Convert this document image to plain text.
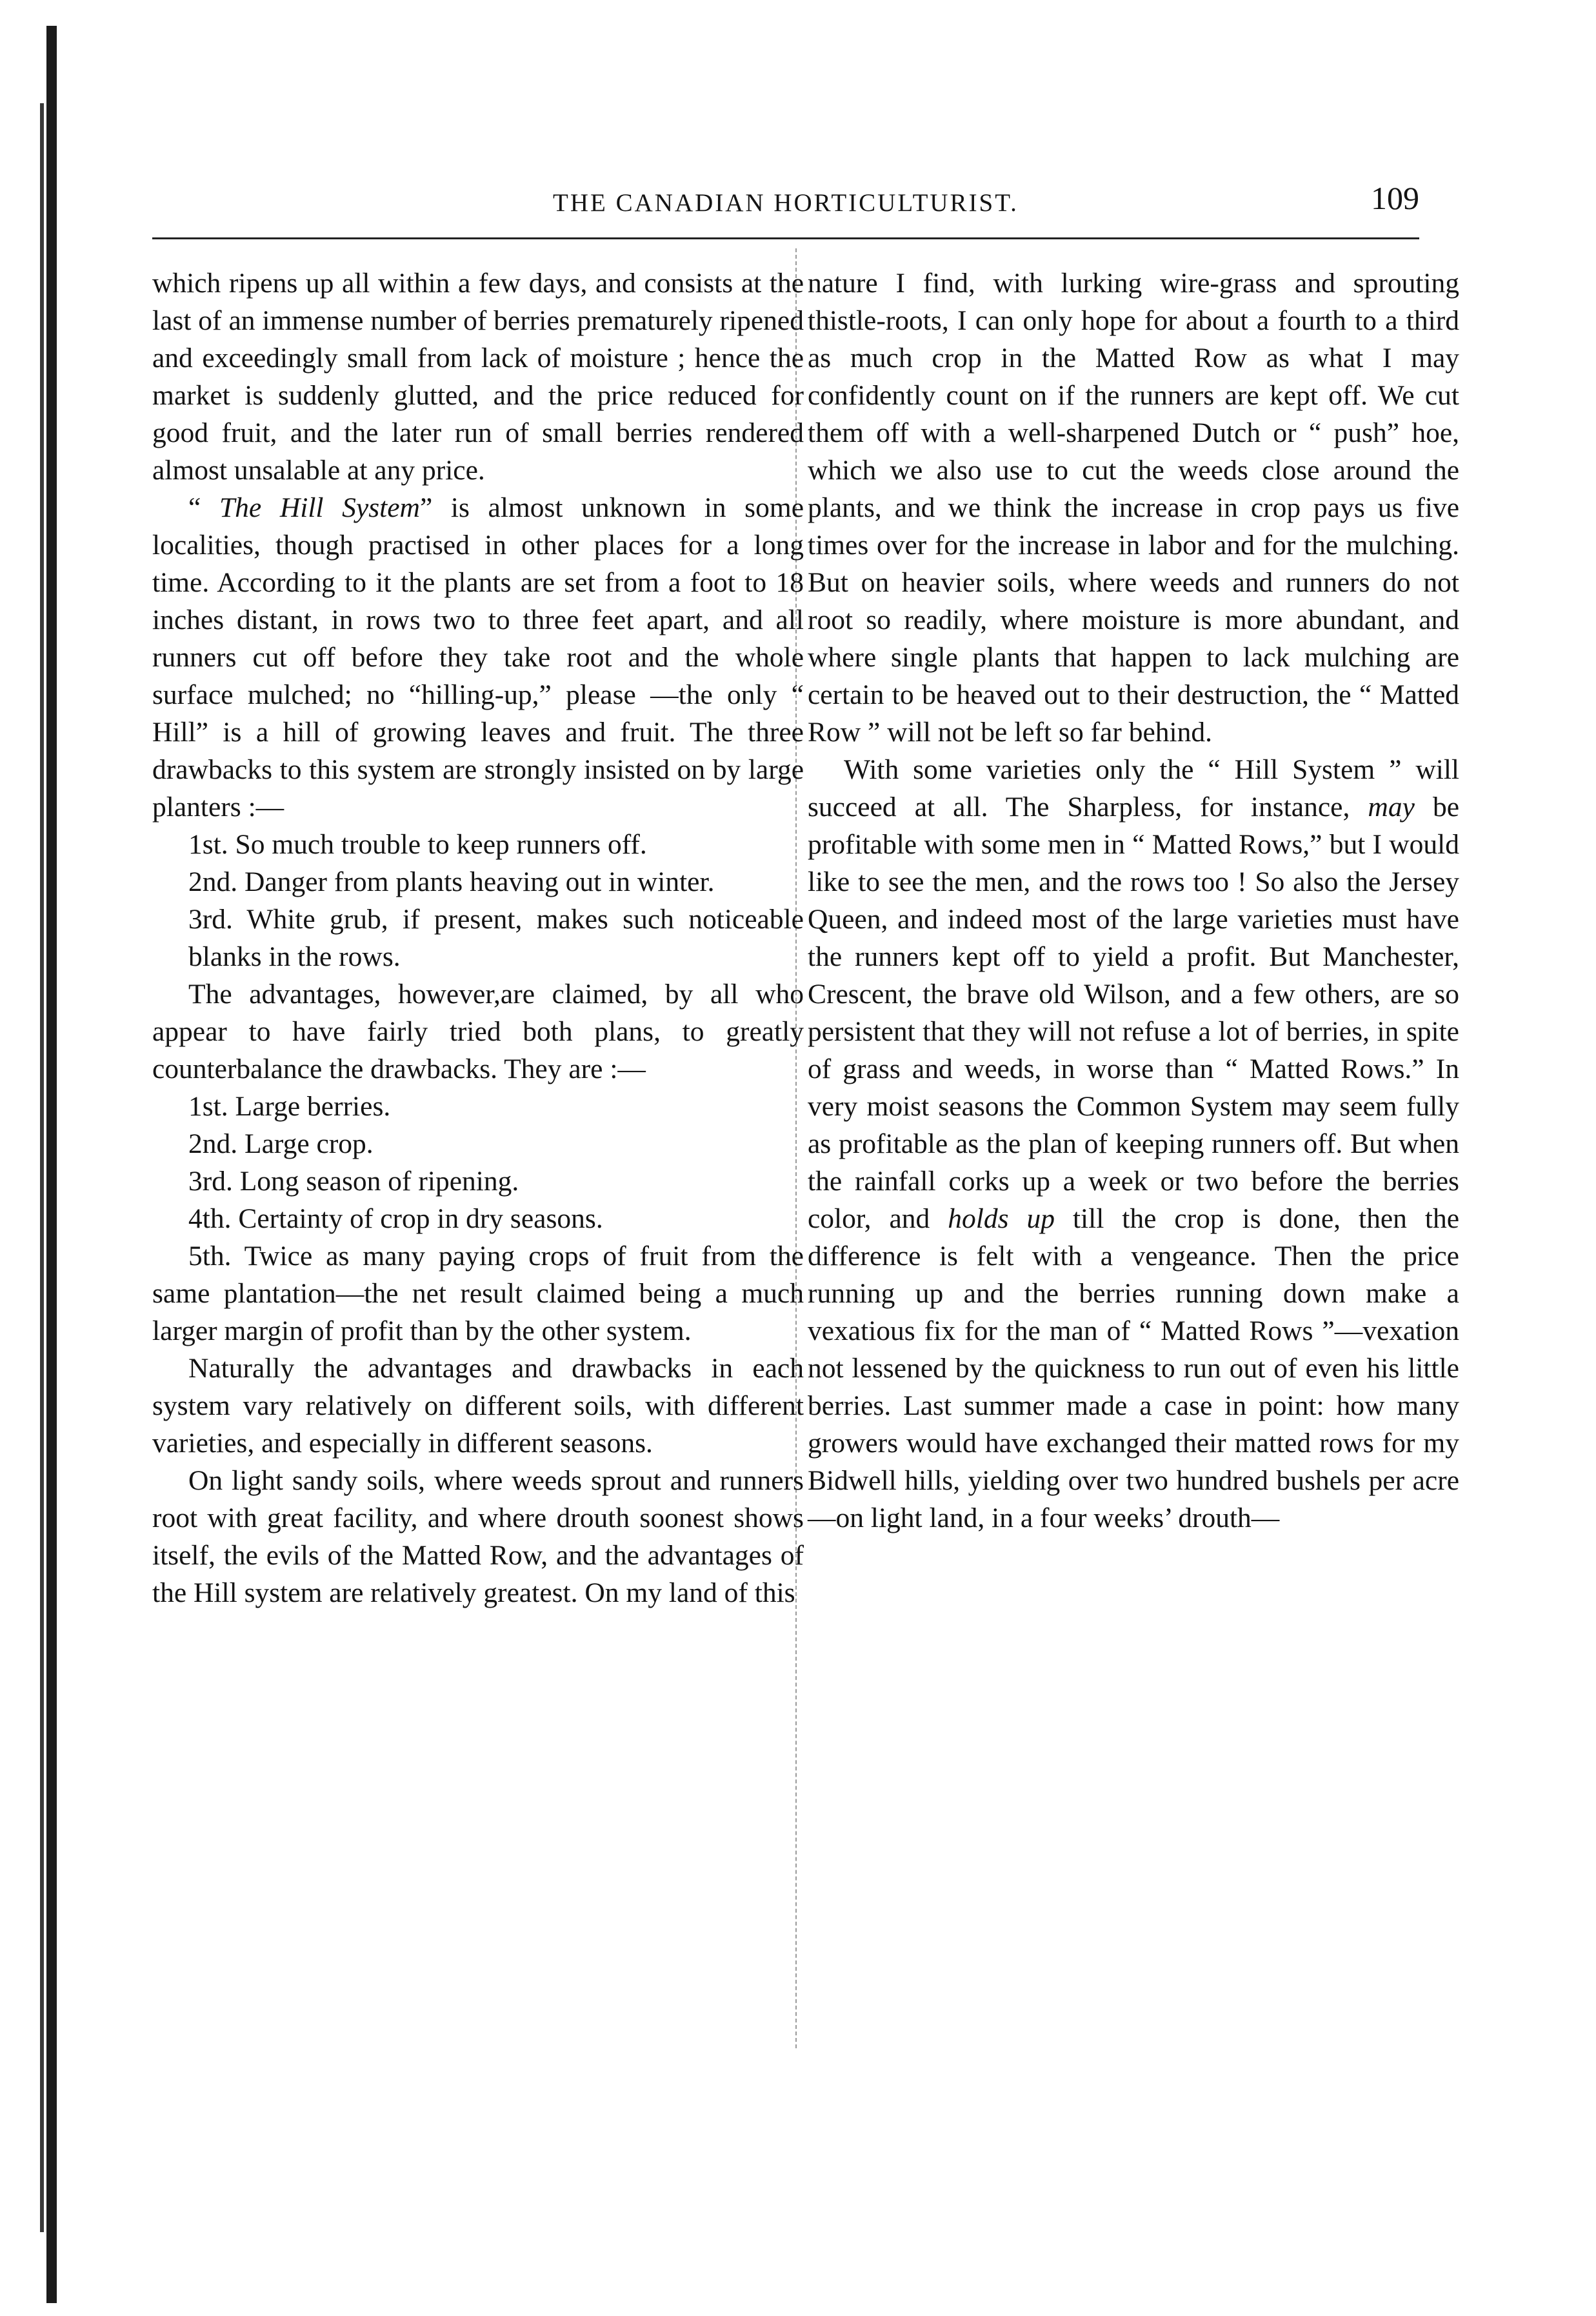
THE CANADIAN HORTICULTURIST.	109

which ripens up all within a few days, and consists at the last of an immense number of berries prematurely ripened and exceedingly small from lack of moisture ; hence the market is suddenly glutted, and the price reduced for good fruit, and the later run of small berries rendered almost unsalable at any price.

“ The Hill System” is almost unknown in some localities, though practised in other places for a long time. According to it the plants are set from a foot to 18 inches distant, in rows two to three feet apart, and all runners cut off before they take root and the whole surface mulched; no “hilling-up,” please —the only “ Hill” is a hill of growing leaves and fruit. The three drawbacks to this system are strongly insisted on by large planters :—

1st. So much trouble to keep runners off.

2nd. Danger from plants heaving out in winter.

3rd. White grub, if present, makes such noticeable blanks in the rows.

The advantages, however,are claimed, by all who appear to have fairly tried both plans, to greatly counterbalance the drawbacks. They are :—

1st. Large berries.

2nd. Large crop.

3rd. Long season of ripening.

4th. Certainty of crop in dry seasons.

5th. Twice as many paying crops of fruit from the same plantation—the net result claimed being a much larger margin of profit than by the other system.

Naturally the advantages and drawbacks in each system vary relatively on different soils, with different varieties, and especially in different seasons.

On light sandy soils, where weeds sprout and runners root with great facility, and where drouth soonest shows itself, the evils of the Matted Row, and the advantages of the Hill system are relatively greatest. On my land of this

nature I find, with lurking wire-grass and sprouting thistle-roots, I can only hope for about a fourth to a third as much crop in the Matted Row as what I may confidently count on if the runners are kept off. We cut them off with a well-sharpened Dutch or “ push” hoe, which we also use to cut the weeds close around the plants, and we think the increase in crop pays us five times over for the increase in labor and for the mulching. But on heavier soils, where weeds and runners do not root so readily, where moisture is more abundant, and where single plants that happen to lack mulching are certain to be heaved out to their destruction, the “ Matted Row ” will not be left so far behind.

With some varieties only the “ Hill System ” will succeed at all. The Sharpless, for instance, may be profitable with some men in “ Matted Rows,” but I would like to see the men, and the rows too ! So also the Jersey Queen, and indeed most of the large varieties must have the runners kept off to yield a profit. But Manchester, Crescent, the brave old Wilson, and a few others, are so persistent that they will not refuse a lot of berries, in spite of grass and weeds, in worse than “ Matted Rows.” In very moist seasons the Common System may seem fully as profitable as the plan of keeping runners off. But when the rainfall corks up a week or two before the berries color, and holds up till the crop is done, then the difference is felt with a vengeance. Then the price running up and the berries running down make a vexatious fix for the man of “ Matted Rows ”—vexation not lessened by the quickness to run out of even his little berries. Last summer made a case in point: how many growers would have exchanged their matted rows for my Bidwell hills, yielding over two hundred bushels per acre—on light land, in a four weeks’ drouth—
